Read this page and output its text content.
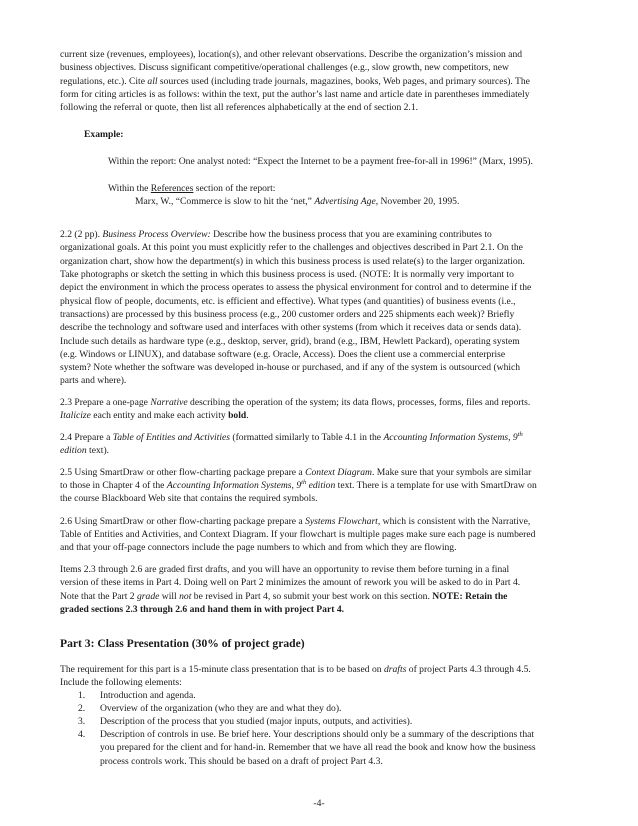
current size (revenues, employees), location(s), and other relevant observations. Describe the organization’s mission and

business objectives. Discuss significant competitive/operational challenges (e.g., slow growth, new competitors, new

regulations, etc.). Cite all sources used (including trade journals, magazines, books, Web pages, and primary sources). The

form for citing articles is as follows: within the text, put the author’s last name and article date in parentheses immediately

following the referral or quote, then list all references alphabetically at the end of section 2.1.

Example:

Within the report: One analyst noted: “Expect the Internet to be a payment free-for-all in 1996!” (Marx, 1995).

Within the References section of the report:

Marx, W., “Commerce is slow to hit the ‘net,” Advertising Age, November 20, 1995.

2.2 (2 pp). Business Process Overview: Describe how the business process that you are examining contributes to

organizational goals. At this point you must explicitly refer to the challenges and objectives described in Part 2.1. On the

organization chart, show how the department(s) in which this business process is used relate(s) to the larger organization.

Take photographs or sketch the setting in which this business process is used. (NOTE: It is normally very important to

depict the environment in which the process operates to assess the physical environment for control and to determine if the

physical flow of people, documents, etc. is efficient and effective). What types (and quantities) of business events (i.e.,

transactions) are processed by this business process (e.g., 200 customer orders and 225 shipments each week)? Briefly

describe the technology and software used and interfaces with other systems (from which it receives data or sends data).

Include such details as hardware type (e.g., desktop, server, grid), brand (e.g., IBM, Hewlett Packard), operating system

(e.g. Windows or LINUX), and database software (e.g. Oracle, Access). Does the client use a commercial enterprise

system? Note whether the software was developed in-house or purchased, and if any of the system is outsourced (which

parts and where).

2.3 Prepare a one-page Narrative describing the operation of the system; its data flows, processes, forms, files and reports.

Italicize each entity and make each activity bold.

2.4 Prepare a Table of Entities and Activities (formatted similarly to Table 4.1 in the Accounting Information Systems, 9th

edition text).

2.5 Using SmartDraw or other flow-charting package prepare a Context Diagram. Make sure that your symbols are similar

to those in Chapter 4 of the Accounting Information Systems, 9th edition text. There is a template for use with SmartDraw on

the course Blackboard Web site that contains the required symbols.

2.6 Using SmartDraw or other flow-charting package prepare a Systems Flowchart, which is consistent with the Narrative,

Table of Entities and Activities, and Context Diagram. If your flowchart is multiple pages make sure each page is numbered

and that your off-page connectors include the page numbers to which and from which they are flowing.

Items 2.3 through 2.6 are graded first drafts, and you will have an opportunity to revise them before turning in a final

version of these items in Part 4. Doing well on Part 2 minimizes the amount of rework you will be asked to do in Part 4.

Note that the Part 2 grade will not be revised in Part 4, so submit your best work on this section. NOTE: Retain the

graded sections 2.3 through 2.6 and hand them in with project Part 4.

Part 3: Class Presentation (30% of project grade)

The requirement for this part is a 15-minute class presentation that is to be based on drafts of project Parts 4.3 through 4.5.

Include the following elements:

1. Introduction and agenda.
2. Overview of the organization (who they are and what they do).
3. Description of the process that you studied (major inputs, outputs, and activities).
4. Description of controls in use. Be brief here. Your descriptions should only be a summary of the descriptions that
you prepared for the client and for hand-in. Remember that we have all read the book and know how the business
process controls work. This should be based on a draft of project Part 4.3.
-4-
